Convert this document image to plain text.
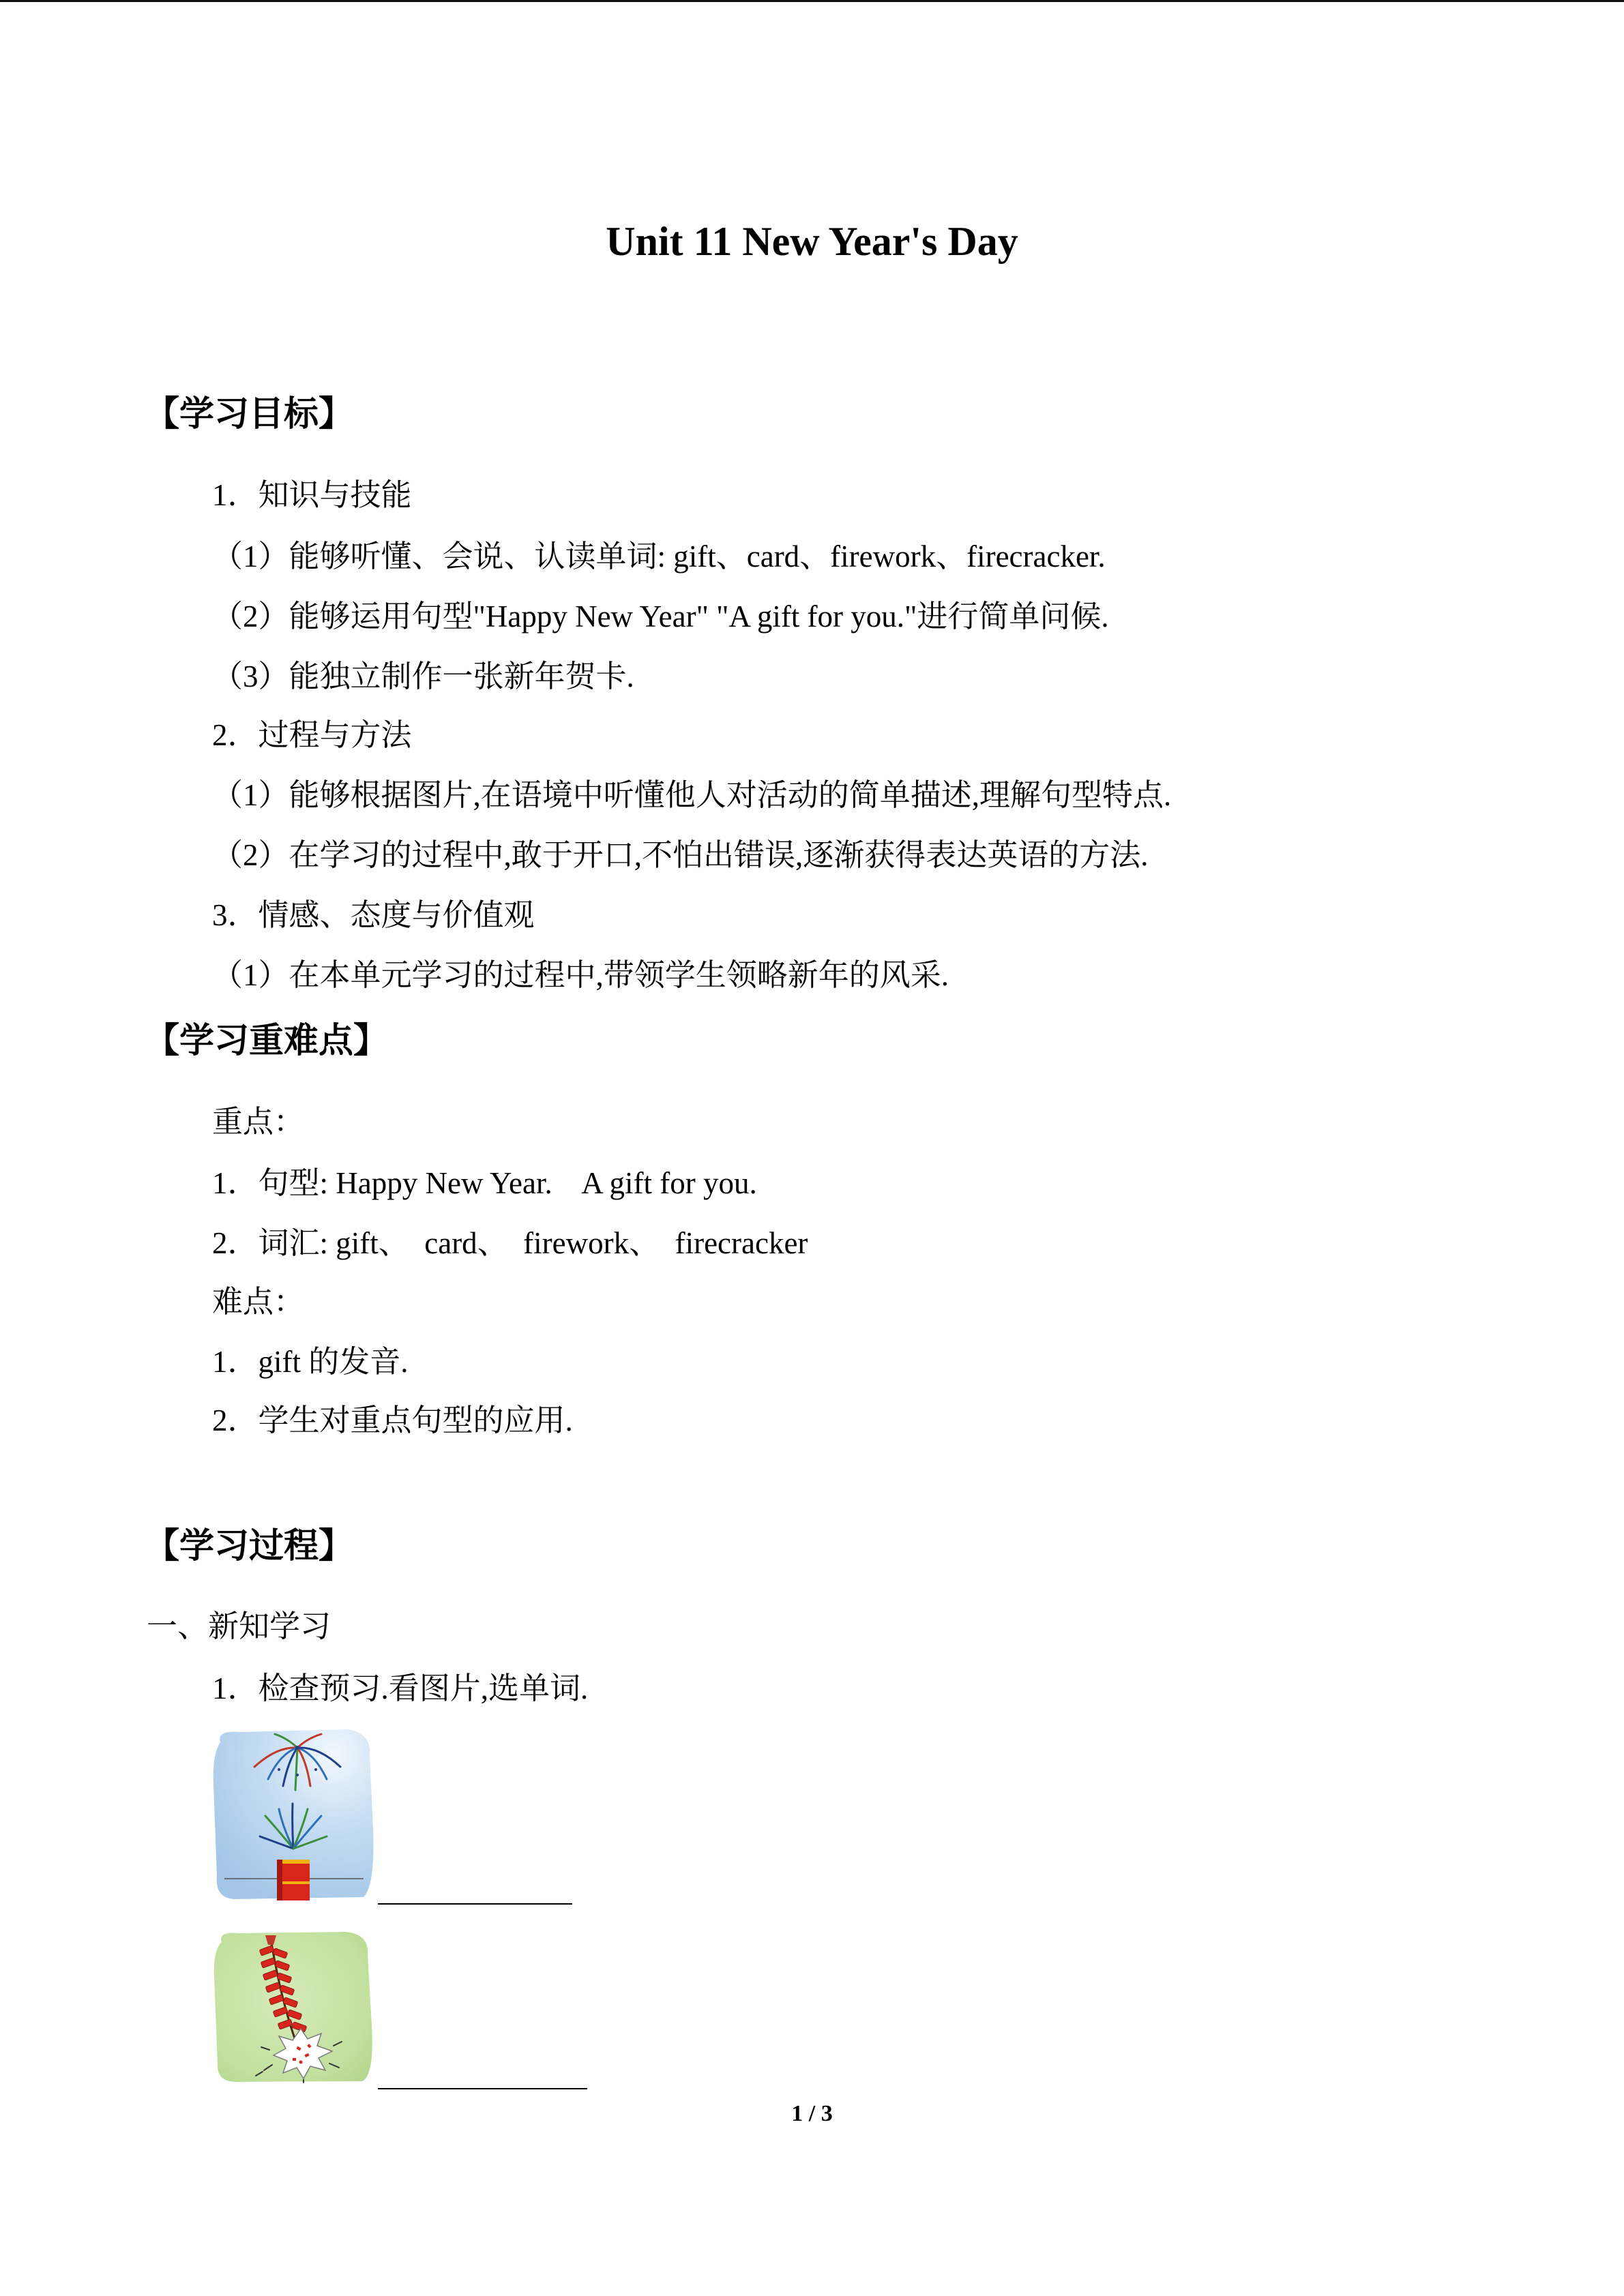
Unit 11 New Year's Day
【学习目标】
1．知识与技能
（1）能够听懂、会说、认读单词: gift、card、firework、firecracker.
（2）能够运用句型"Happy New Year" "A gift for you."进行简单问候.
（3）能独立制作一张新年贺卡.
2．过程与方法
（1）能够根据图片,在语境中听懂他人对活动的简单描述,理解句型特点.
（2）在学习的过程中,敢于开口,不怕出错误,逐渐获得表达英语的方法.
3．情感、态度与价值观
（1）在本单元学习的过程中,带领学生领略新年的风采.
【学习重难点】
重点：
1．句型: Happy New Year.    A gift for you.
2．词汇: gift、  card、  firework、  firecracker
难点：
1．gift 的发音.
2．学生对重点句型的应用.
【学习过程】
一、新知学习
1．检查预习.看图片,选单词.
1 / 3
